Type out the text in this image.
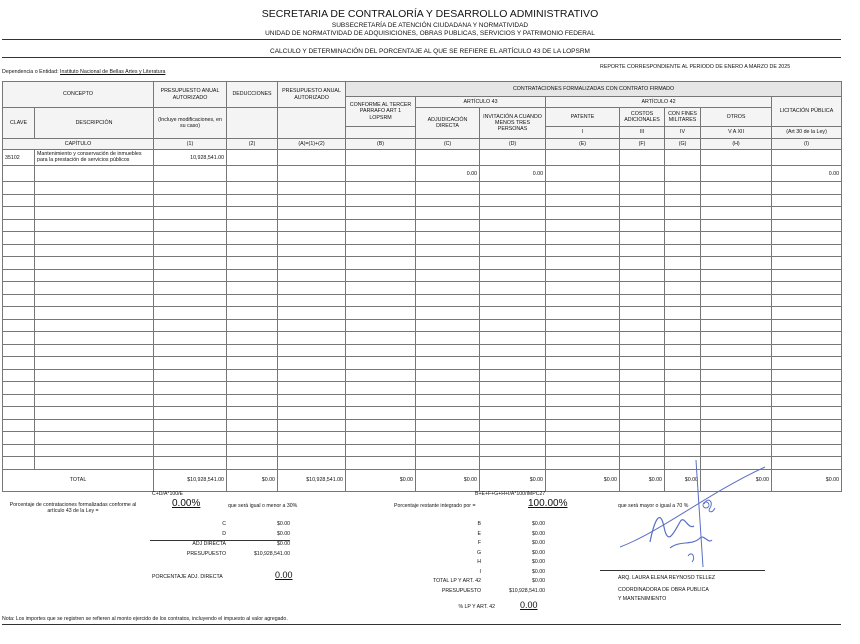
SECRETARIA DE CONTRALORÍA Y DESARROLLO ADMINISTRATIVO
SUBSECRETARÍA DE ATENCIÓN CIUDADANA Y NORMATIVIDAD
UNIDAD DE NORMATIVIDAD DE ADQUISICIONES, OBRAS PUBLICAS, SERVICIOS Y PATRIMONIO FEDERAL
CALCULO Y DETERMINACIÓN DEL PORCENTAJE AL QUE SE REFIERE EL ARTÍCULO 43 DE LA LOPSRM
REPORTE CORRESPONDIENTE AL PERIODO DE ENERO A MARZO DE 2025
Dependencia o Entidad: Instituto Nacional de Bellas Artes y Literatura
CONCEPTO		PRESUPUESTO ANUAL AUTORIZADO	DEDUCCIONES	PRESUPUESTO ANUAL AUTORIZADO	CONTRATACIONES FORMALIZADAS CON CONTRATO FIRMADO							
					CONFORME AL TERCER PARRAFO ART 1 LOPSRM	ARTÍCULO 43		ARTÍCULO 42				LICITACIÓN PÚBLICA
CLAVE	DESCRIPCIÓN	(Incluye modificaciones, en su caso)				ADJUDICACIÓN DIRECTA	INVITACIÓN A CUANDO MENOS TRES PERSONAS	PATENTE	COSTOS ADICIONALES	CON FINES MILITARES	OTROS	
								I	III	IV	V A XII	(Art 30 de la Ley)
CAPÍTULO		(1)	(2)	(A)=(1)+(2)	(B)	(C)	(D)	(E)	(F)	(G)	(H)	(I)
35102	Mantenimiento y conservación de inmuebles para la prestación de servicios públicos	10,928,541.00										
						0.00	0.00					0.00

TOTAL		$10,928,541.00	$0.00	$10,928,541.00	$0.00	$0.00	$0.00	$0.00	$0.00	$0.00	$0.00	$0.00
C+D/A*100/E
Porcentaje de contrataciones formalizadas conforme al artículo 43 de la Ley =
0.00%	que será igual o menor a 30%
B+E+F+G+H+I/A*100/IMPC27
Porcentaje restante integrado por =	100.00%	que será mayor o igual a 70 %
C	$0.00
D	$0.00
ADJ DIRECTA	$0.00
PRESUPUESTO	$10,928,541.00
PORCENTAJE ADJ. DIRECTA	0.00
B	$0.00
E	$0.00
F	$0.00
G	$0.00
H	$0.00
I	$0.00
TOTAL LP Y ART. 42	$0.00
PRESUPUESTO	$10,928,541.00
% LP Y ART. 42	0.00
ARQ. LAURA ELENA REYNOSO TELLEZ
COORDINADORA DE OBRA PUBLICA
Y MANTENIMIENTO
Nota: Los importes que se registren se refieren al monto ejercido de los contratos, incluyendo el impuesto al valor agregado.
